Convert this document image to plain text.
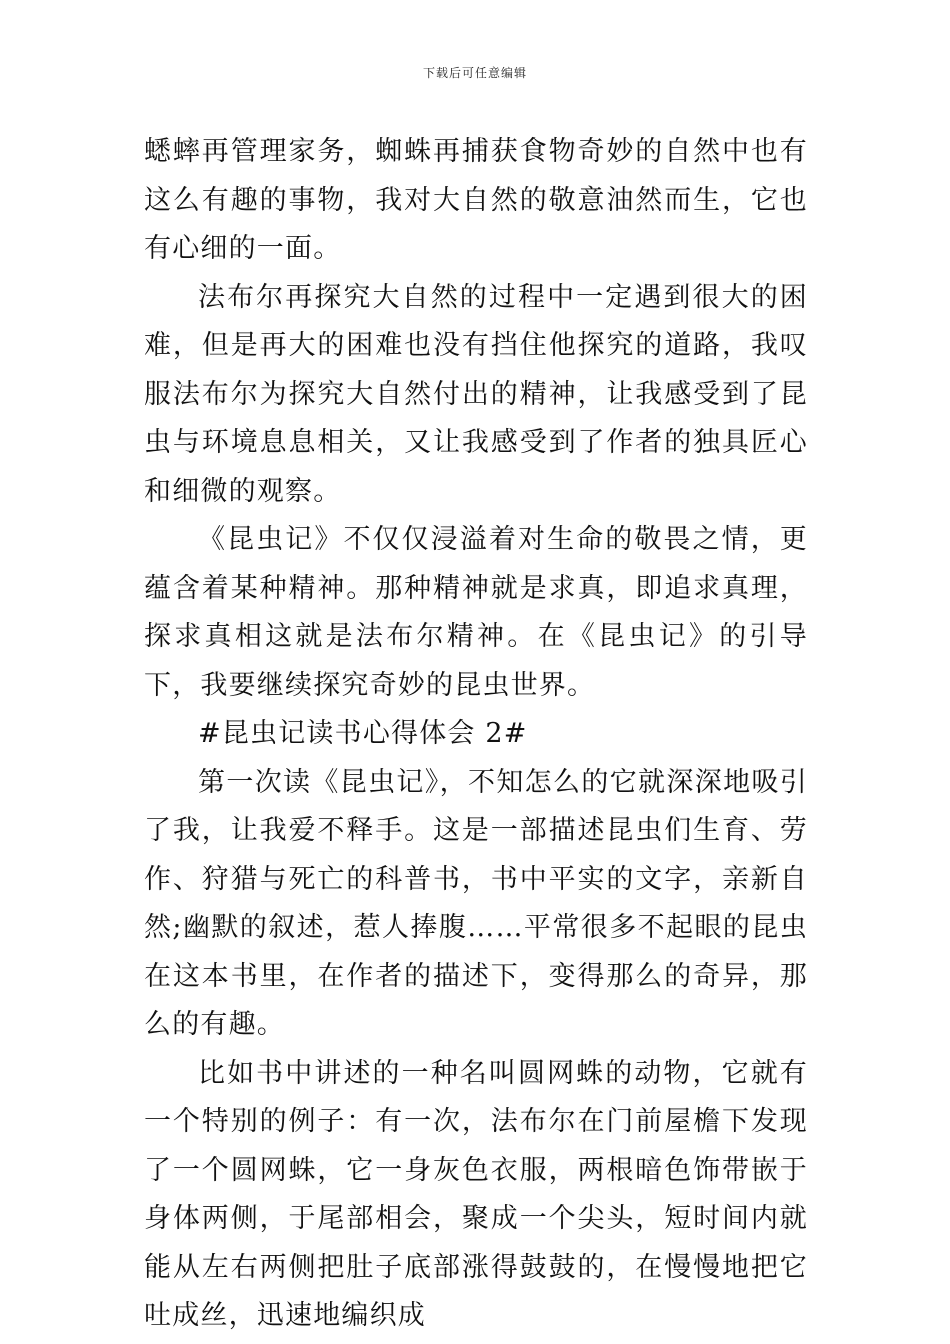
下载后可任意编辑

蟋蟀再管理家务，蜘蛛再捕获食物奇妙的自然中也有这么有趣的事物，我对大自然的敬意油然而生，它也有心细的一面。

法布尔再探究大自然的过程中一定遇到很大的困难，但是再大的困难也没有挡住他探究的道路，我叹服法布尔为探究大自然付出的精神，让我感受到了昆虫与环境息息相关，又让我感受到了作者的独具匠心和细微的观察。

《昆虫记》不仅仅浸溢着对生命的敬畏之情，更蕴含着某种精神。那种精神就是求真，即追求真理，探求真相这就是法布尔精神。在《昆虫记》的引导下，我要继续探究奇妙的昆虫世界。

#昆虫记读书心得体会 2#

第一次读《昆虫记》，不知怎么的它就深深地吸引了我，让我爱不释手。这是一部描述昆虫们生育、劳作、狩猎与死亡的科普书，书中平实的文字，亲新自然;幽默的叙述，惹人捧腹……平常很多不起眼的昆虫在这本书里，在作者的描述下，变得那么的奇异，那么的有趣。

比如书中讲述的一种名叫圆网蛛的动物，它就有一个特别的例子：有一次，法布尔在门前屋檐下发现了一个圆网蛛，它一身灰色衣服，两根暗色饰带嵌于身体两侧，于尾部相会，聚成一个尖头，短时间内就能从左右两侧把肚子底部涨得鼓鼓的，在慢慢地把它吐成丝，迅速地编织成
